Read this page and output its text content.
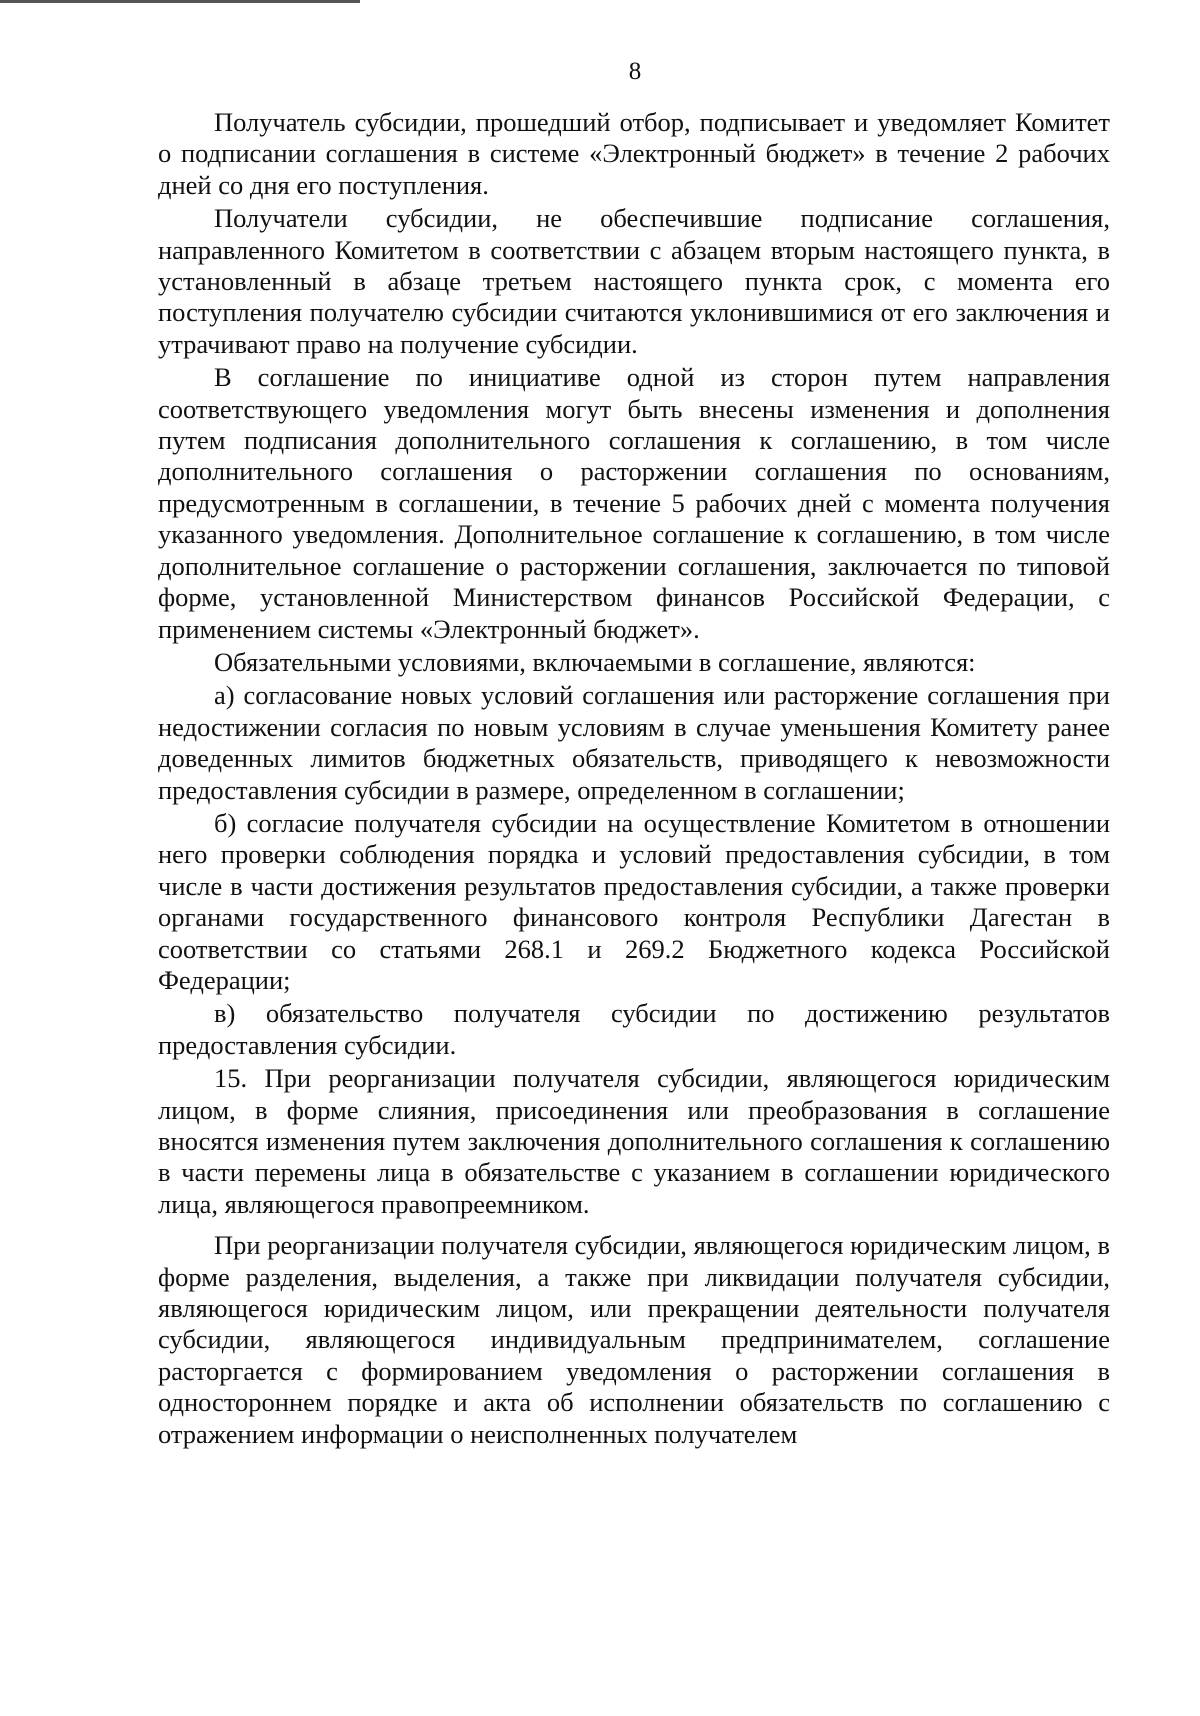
8

Получатель субсидии, прошедший отбор, подписывает и уведомляет Комитет о подписании соглашения в системе «Электронный бюджет» в течение 2 рабочих дней со дня его поступления.

Получатели субсидии, не обеспечившие подписание соглашения, направленного Комитетом в соответствии с абзацем вторым настоящего пункта, в установленный в абзаце третьем настоящего пункта срок, с момента его поступления получателю субсидии считаются уклонившимися от его заключения и утрачивают право на получение субсидии.

В соглашение по инициативе одной из сторон путем направления соответствующего уведомления могут быть внесены изменения и дополнения путем подписания дополнительного соглашения к соглашению, в том числе дополнительного соглашения о расторжении соглашения по основаниям, предусмотренным в соглашении, в течение 5 рабочих дней с момента получения указанного уведомления. Дополнительное соглашение к соглашению, в том числе дополнительное соглашение о расторжении соглашения, заключается по типовой форме, установленной Министерством финансов Российской Федерации, с применением системы «Электронный бюджет».

Обязательными условиями, включаемыми в соглашение, являются:

а) согласование новых условий соглашения или расторжение соглашения при недостижении согласия по новым условиям в случае уменьшения Комитету ранее доведенных лимитов бюджетных обязательств, приводящего к невозможности предоставления субсидии в размере, определенном в соглашении;

б) согласие получателя субсидии на осуществление Комитетом в отношении него проверки соблюдения порядка и условий предоставления субсидии, в том числе в части достижения результатов предоставления субсидии, а также проверки органами государственного финансового контроля Республики Дагестан в соответствии со статьями 268.1 и 269.2 Бюджетного кодекса Российской Федерации;

в) обязательство получателя субсидии по достижению результатов предоставления субсидии.

15. При реорганизации получателя субсидии, являющегося юридическим лицом, в форме слияния, присоединения или преобразования в соглашение вносятся изменения путем заключения дополнительного соглашения к соглашению в части перемены лица в обязательстве с указанием в соглашении юридического лица, являющегося правопреемником.

При реорганизации получателя субсидии, являющегося юридическим лицом, в форме разделения, выделения, а также при ликвидации получателя субсидии, являющегося юридическим лицом, или прекращении деятельности получателя субсидии, являющегося индивидуальным предпринимателем, соглашение расторгается с формированием уведомления о расторжении соглашения в одностороннем порядке и акта об исполнении обязательств по соглашению с отражением информации о неисполненных получателем
